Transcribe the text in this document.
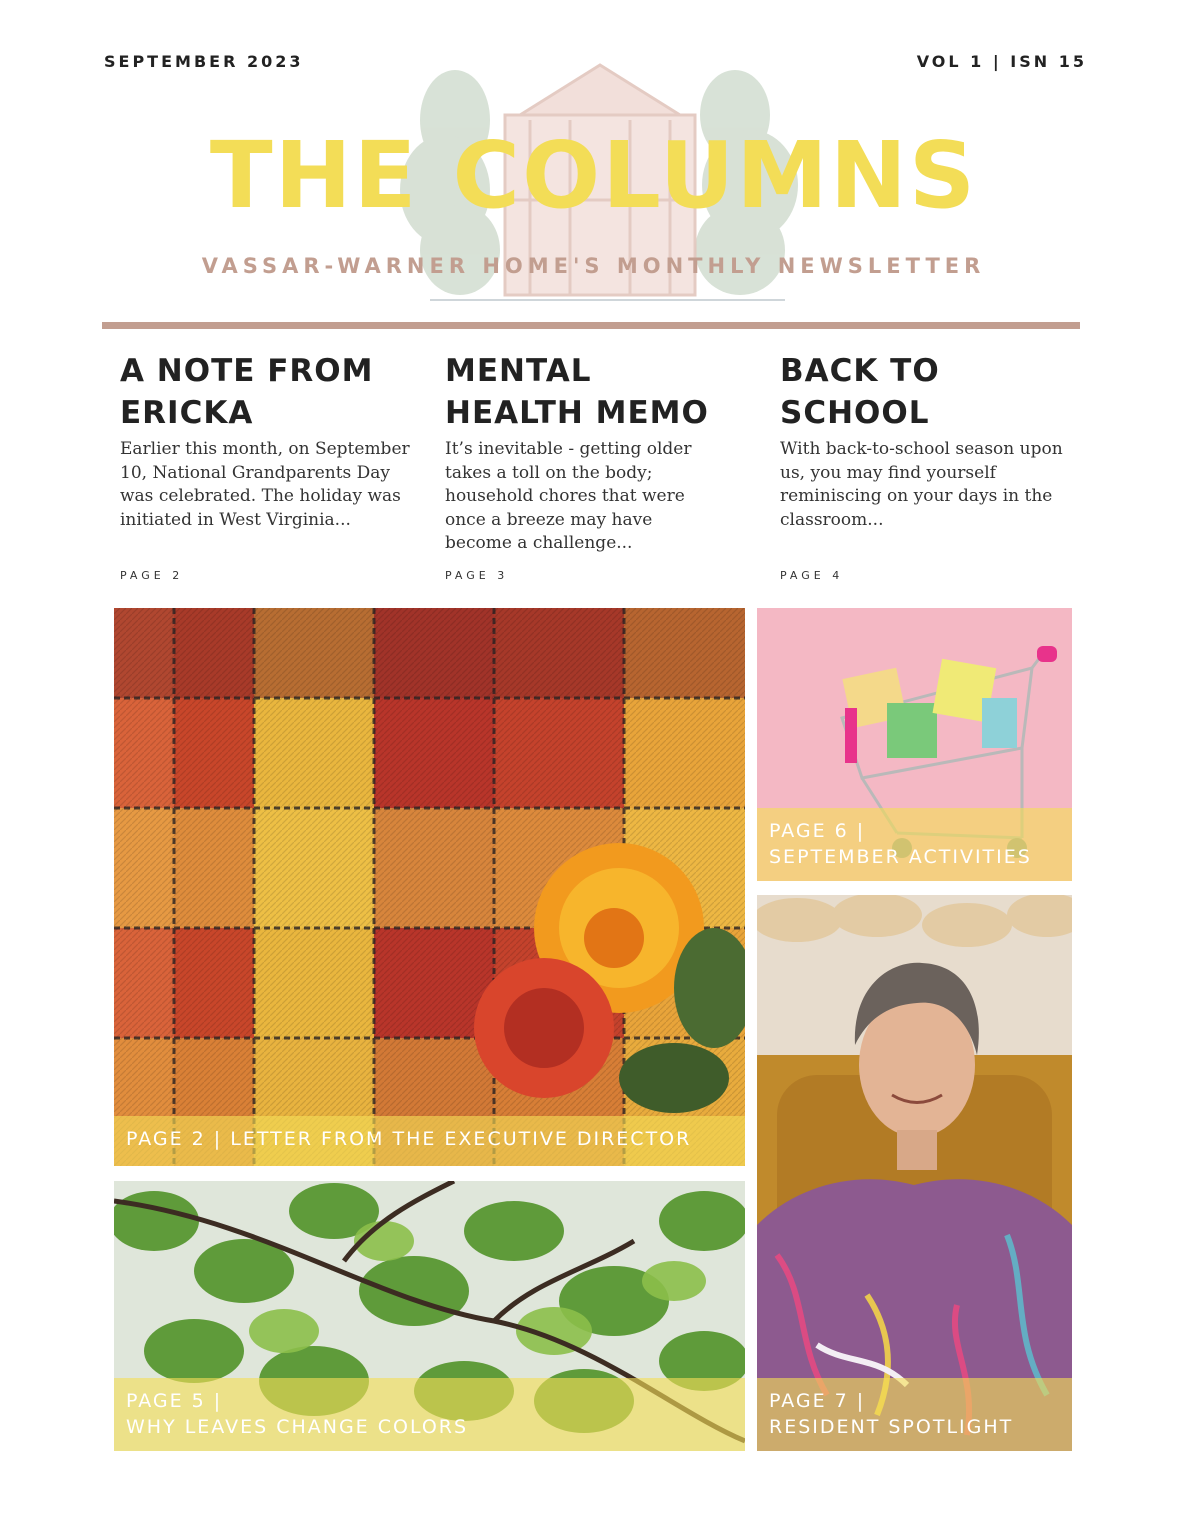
SEPTEMBER 2023	VOL 1 | ISN 15
THE COLUMNS
VASSAR-WARNER HOME'S MONTHLY NEWSLETTER
A NOTE FROM ERICKA

Earlier this month, on September 10, National Grandparents Day was celebrated. The holiday was initiated in West Virginia...

PAGE 2
MENTAL HEALTH MEMO

It’s inevitable - getting older takes a toll on the body; household chores that were once a breeze may have become a challenge...

PAGE 3
BACK TO SCHOOL

With back-to-school season upon us, you may find yourself reminiscing on your days in the classroom...

PAGE 4
PAGE 2 | LETTER FROM THE EXECUTIVE DIRECTOR
PAGE 6 |
SEPTEMBER ACTIVITIES
PAGE 5 |
WHY LEAVES CHANGE COLORS
PAGE 7 |
RESIDENT SPOTLIGHT
